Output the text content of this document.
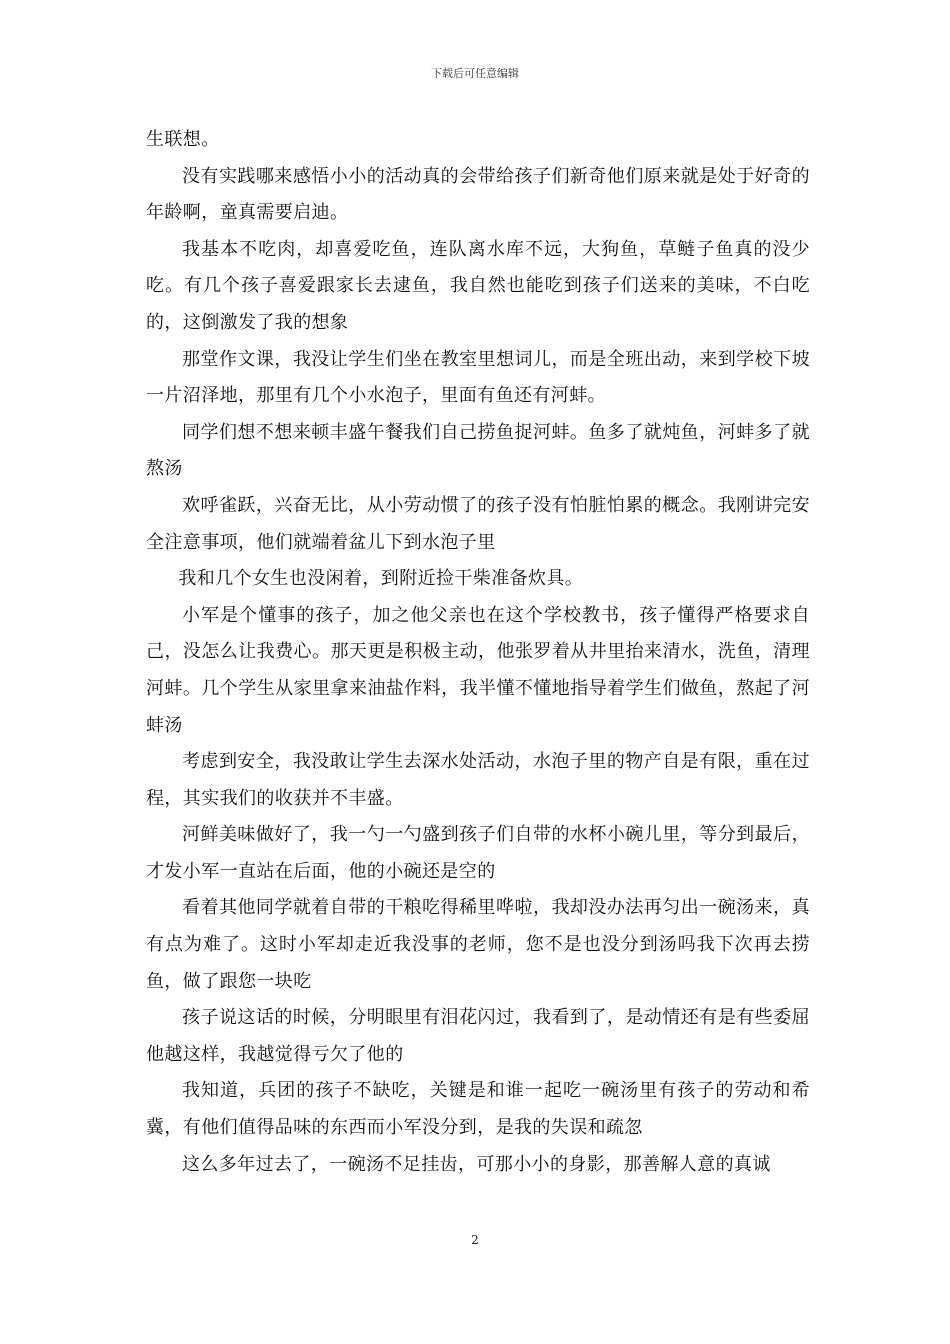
下载后可任意编辑

生联想。

没有实践哪来感悟小小的活动真的会带给孩子们新奇他们原来就是处于好奇的年龄啊，童真需要启迪。

我基本不吃肉，却喜爱吃鱼，连队离水库不远，大狗鱼，草鲢子鱼真的没少吃。有几个孩子喜爱跟家长去逮鱼，我自然也能吃到孩子们送来的美味，不白吃的，这倒激发了我的想象

那堂作文课，我没让学生们坐在教室里想词儿，而是全班出动，来到学校下坡一片沼泽地，那里有几个小水泡子，里面有鱼还有河蚌。

同学们想不想来顿丰盛午餐我们自己捞鱼捉河蚌。鱼多了就炖鱼，河蚌多了就熬汤

欢呼雀跃，兴奋无比，从小劳动惯了的孩子没有怕脏怕累的概念。我刚讲完安全注意事项，他们就端着盆儿下到水泡子里

我和几个女生也没闲着，到附近捡干柴准备炊具。

小军是个懂事的孩子，加之他父亲也在这个学校教书，孩子懂得严格要求自己，没怎么让我费心。那天更是积极主动，他张罗着从井里抬来清水，洗鱼，清理河蚌。几个学生从家里拿来油盐作料，我半懂不懂地指导着学生们做鱼，熬起了河蚌汤

考虑到安全，我没敢让学生去深水处活动，水泡子里的物产自是有限，重在过程，其实我们的收获并不丰盛。

河鲜美味做好了，我一勺一勺盛到孩子们自带的水杯小碗儿里，等分到最后，才发小军一直站在后面，他的小碗还是空的

看着其他同学就着自带的干粮吃得稀里哗啦，我却没办法再匀出一碗汤来，真有点为难了。这时小军却走近我没事的老师，您不是也没分到汤吗我下次再去捞鱼，做了跟您一块吃

孩子说这话的时候，分明眼里有泪花闪过，我看到了，是动情还有是有些委屈他越这样，我越觉得亏欠了他的

我知道，兵团的孩子不缺吃，关键是和谁一起吃一碗汤里有孩子的劳动和希冀，有他们值得品味的东西而小军没分到，是我的失误和疏忽

这么多年过去了，一碗汤不足挂齿，可那小小的身影，那善解人意的真诚

2
